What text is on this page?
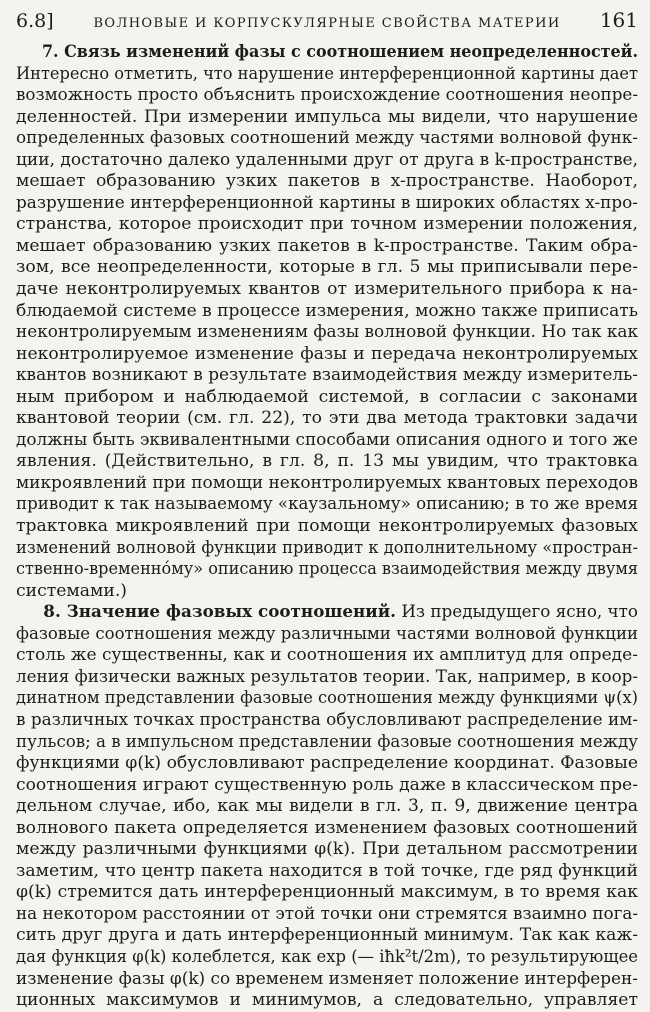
6.8]	ВОЛНОВЫЕ И КОРПУСКУЛЯРНЫЕ СВОЙСТВА МАТЕРИИ	161

7. Связь изменений фазы с соотношением неопределенностей.
Интересно отметить, что нарушение интерференционной картины дает
возможность просто объяснить происхождение соотношения неопре-
деленностей. При измерении импульса мы видели, что нарушение
определенных фазовых соотношений между частями волновой функ-
ции, достаточно далеко удаленными друг от друга в k-пространстве,
мешает образованию узких пакетов в x-пространстве. Наоборот,
разрушение интерференционной картины в широких областях x-про-
странства, которое происходит при точном измерении положения,
мешает образованию узких пакетов в k-пространстве. Таким обра-
зом, все неопределенности, которые в гл. 5 мы приписывали пере-
даче неконтролируемых квантов от измерительного прибора к на-
блюдаемой системе в процессе измерения, можно также приписать
неконтролируемым изменениям фазы волновой функции. Но так как
неконтролируемое изменение фазы и передача неконтролируемых
квантов возникают в результате взаимодействия между измеритель-
ным прибором и наблюдаемой системой, в согласии с законами
квантовой теории (см. гл. 22), то эти два метода трактовки задачи
должны быть эквивалентными способами описания одного и того же
явления. (Действительно, в гл. 8, п. 13 мы увидим, что трактовка
микроявлений при помощи неконтролируемых квантовых переходов
приводит к так называемому «каузальному» описанию; в то же время
трактовка микроявлений при помощи неконтролируемых фазовых
изменений волновой функции приводит к дополнительному «простран-
ственно-временно́му» описанию процесса взаимодействия между двумя
системами.)

8. Значение фазовых соотношений. Из предыдущего ясно, что
фазовые соотношения между различными частями волновой функции
столь же существенны, как и соотношения их амплитуд для опреде-
ления физически важных результатов теории. Так, например, в коор-
динатном представлении фазовые соотношения между функциями ψ(x)
в различных точках пространства обусловливают распределение им-
пульсов; а в импульсном представлении фазовые соотношения между
функциями φ(k) обусловливают распределение координат. Фазовые
соотношения играют существенную роль даже в классическом пре-
дельном случае, ибо, как мы видели в гл. 3, п. 9, движение центра
волнового пакета определяется изменением фазовых соотношений
между различными функциями φ(k). При детальном рассмотрении
заметим, что центр пакета находится в той точке, где ряд функций
φ(k) стремится дать интерференционный максимум, в то время как
на некотором расстоянии от этой точки они стремятся взаимно пога-
сить друг друга и дать интерференционный минимум. Так как каж-
дая функция φ(k) колеблется, как exp (— iħk²t/2m), то результирующее
изменение фазы φ(k) со временем изменяет положение интерферен-
ционных максимумов и минимумов, а следовательно, управляет
